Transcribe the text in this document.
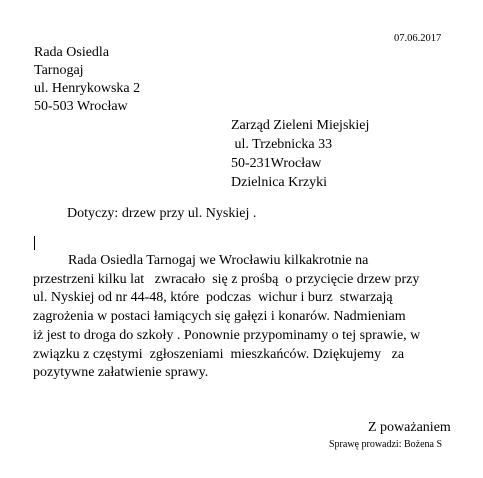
07.06.2017
Rada Osiedla
Tarnogaj
ul. Henrykowska 2
50-503 Wrocław
Zarząd Zieleni Miejskiej
ul. Trzebnicka 33
50-231Wrocław
Dzielnica Krzyki
Dotyczy: drzew przy ul. Nyskiej .
Rada Osiedla Tarnogaj we Wrocławiu kilkakrotnie na
przestrzeni kilku lat   zwracało  się z prośbą  o przycięcie drzew przy
ul. Nyskiej od nr 44-48, które  podczas  wichur i burz  stwarzają
zagrożenia w postaci łamiących się gałęzi i konarów. Nadmieniam
iż jest to droga do szkoły . Ponownie przypominamy o tej sprawie, w
związku z częstymi  zgłoszeniami  mieszkańców. Dziękujemy   za
pozytywne załatwienie sprawy.
Z poważaniem
Sprawę prowadzi: Bożena S
